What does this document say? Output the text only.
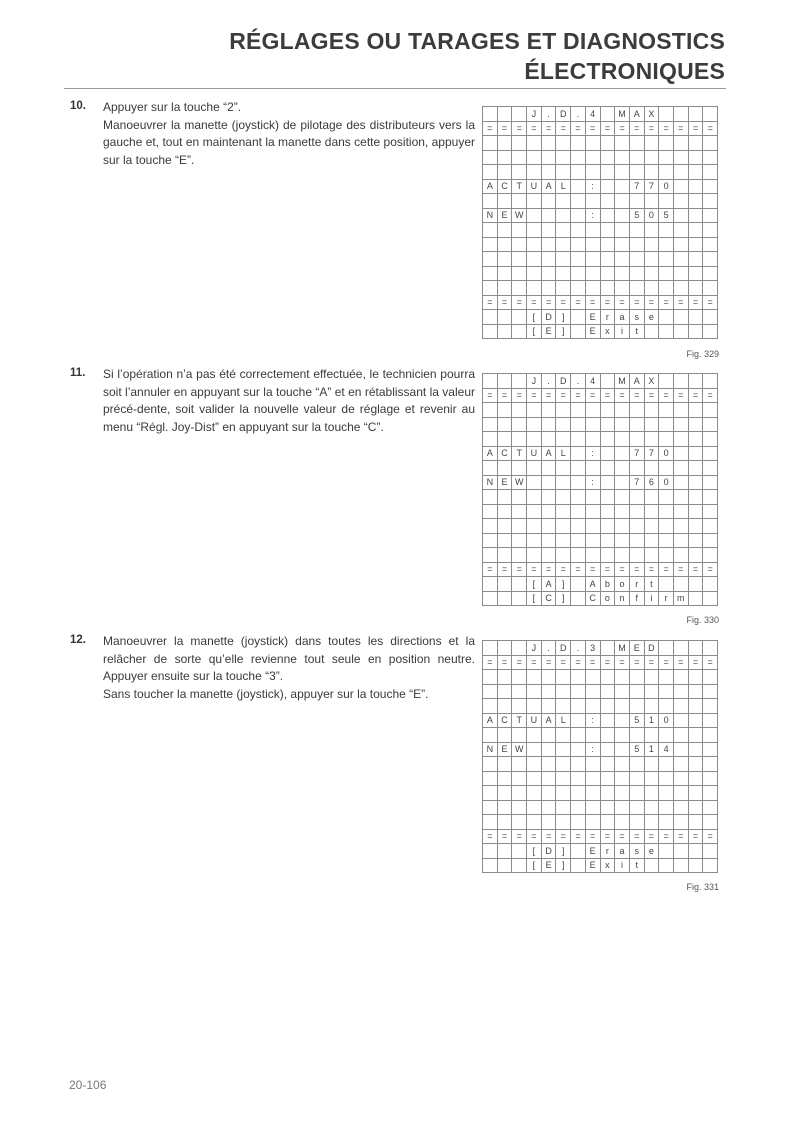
RÉGLAGES OU TARAGES ET DIAGNOSTICS
ÉLECTRONIQUES
10. Appuyer sur la touche “2”.

Manoeuvrer la manette (joystick) de pilotage des distributeurs vers la gauche et, tout en maintenant la manette dans cette position, appuyer sur la touche “E”.

			J	.	D	.	4		M	A	X				
=	=	=	=	=	=	=	=	=	=	=	=	=	=	=	=

A	C	T	U	A	L		:			7	7	0			

N	E	W					:			5	0	5			

=	=	=	=	=	=	=	=	=	=	=	=	=	=	=	=
			[	D	]		E	r	a	s	e				
			[	E	]		E	x	i	t					
Fig. 329
11. Si l’opération n’a pas été correctement effectuée, le technicien pourra soit l’annuler en appuyant sur la touche “A” et en rétablissant la valeur précé-dente, soit valider la nouvelle valeur de réglage et revenir au menu “Régl. Joy-Dist” en appuyant sur la touche “C”.

			J	.	D	.	4		M	A	X				
=	=	=	=	=	=	=	=	=	=	=	=	=	=	=	=

A	C	T	U	A	L		:			7	7	0			

N	E	W					:			7	6	0			

=	=	=	=	=	=	=	=	=	=	=	=	=	=	=	=
			[	A	]		A	b	o	r	t				
			[	C	]		C	o	n	f	i	r	m		
Fig. 330
12. Manoeuvrer la manette (joystick) dans toutes les directions et la relâcher de sorte qu’elle revienne tout seule en position neutre. Appuyer ensuite sur la touche “3”.

Sans toucher la manette (joystick), appuyer sur la touche “E”.

			J	.	D	.	3		M	E	D				
=	=	=	=	=	=	=	=	=	=	=	=	=	=	=	=

A	C	T	U	A	L		:			5	1	0			

N	E	W					:			5	1	4			

=	=	=	=	=	=	=	=	=	=	=	=	=	=	=	=
			[	D	]		E	r	a	s	e				
			[	E	]		E	x	i	t					
Fig. 331
20-106
